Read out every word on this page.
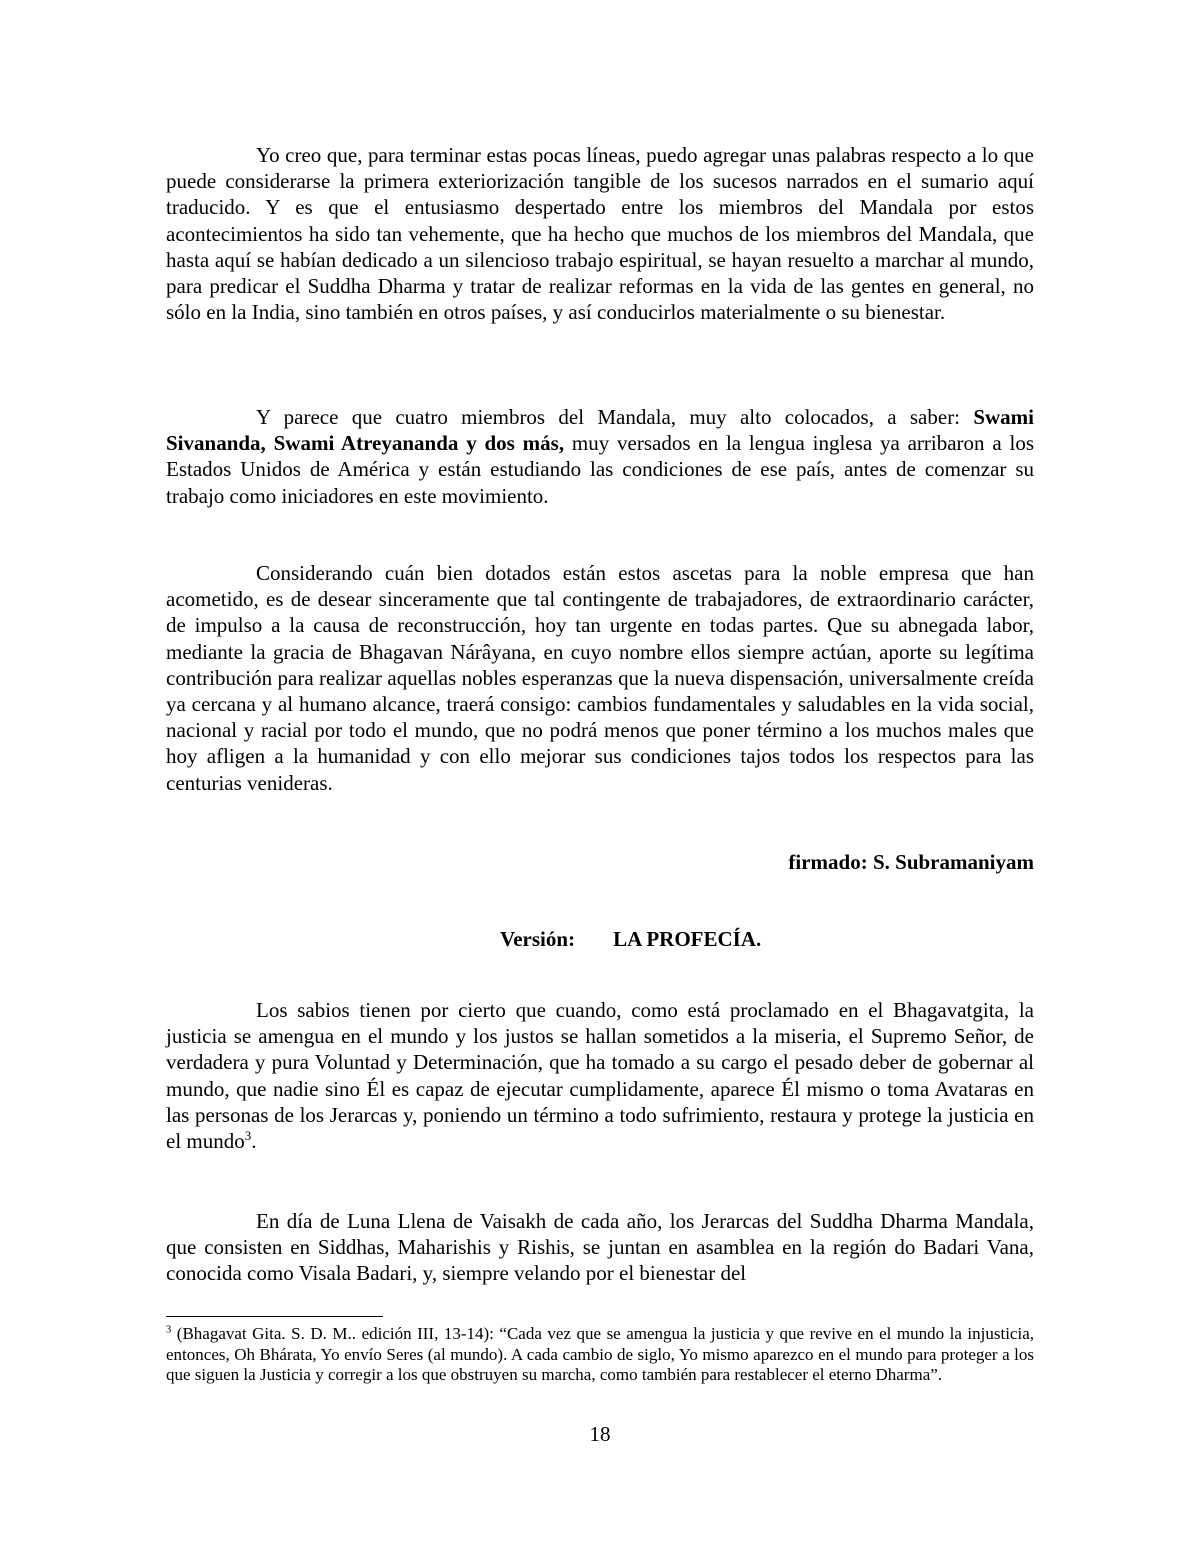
Yo creo que, para terminar estas pocas líneas, puedo agregar unas palabras respecto a lo que puede considerarse la primera exteriorización tangible de los sucesos narrados en el sumario aquí traducido. Y es que el entusiasmo despertado entre los miembros del Mandala por estos acontecimientos ha sido tan vehemente, que ha hecho que muchos de los miembros del Mandala, que hasta aquí se habían dedicado a un silencioso trabajo espiritual, se hayan resuelto a marchar al mundo, para predicar el Suddha Dharma y tratar de realizar reformas en la vida de las gentes en general, no sólo en la India, sino también en otros países, y así conducirlos materialmente o su bienestar.

Y parece que cuatro miembros del Mandala, muy alto colocados, a saber: Swami Sivananda, Swami Atreyananda y dos más, muy versados en la lengua inglesa ya arribaron a los Estados Unidos de América y están estudiando las condiciones de ese país, antes de comenzar su trabajo como iniciadores en este movimiento.

Considerando cuán bien dotados están estos ascetas para la noble empresa que han acometido, es de desear sinceramente que tal contingente de trabajadores, de extraordinario carácter, de impulso a la causa de reconstrucción, hoy tan urgente en todas partes. Que su abnegada labor, mediante la gracia de Bhagavan Nárâyana, en cuyo nombre ellos siempre actúan, aporte su legítima contribución para realizar aquellas nobles esperanzas que la nueva dispensación, universalmente creída ya cercana y al humano alcance, traerá consigo: cambios fundamentales y saludables en la vida social, nacional y racial por todo el mundo, que no podrá menos que poner término a los muchos males que hoy afligen a la humanidad y con ello mejorar sus condiciones tajos todos los respectos para las centurias venideras.

firmado: S. Subramaniyam
Versión: LA PROFECÍA.

Los sabios tienen por cierto que cuando, como está proclamado en el Bhagavatgita, la justicia se amengua en el mundo y los justos se hallan sometidos a la miseria, el Supremo Señor, de verdadera y pura Voluntad y Determinación, que ha tomado a su cargo el pesado deber de gobernar al mundo, que nadie sino Él es capaz de ejecutar cumplidamente, aparece Él mismo o toma Avataras en las personas de los Jerarcas y, poniendo un término a todo sufrimiento, restaura y protege la justicia en el mundo$^3$.

En día de Luna Llena de Vaisakh de cada año, los Jerarcas del Suddha Dharma Mandala, que consisten en Siddhas, Maharishis y Rishis, se juntan en asamblea en la región do Badari Vana, conocida como Visala Badari, y, siempre velando por el bienestar del

$^3$ (Bhagavat Gita. S. D. M.. edición III, 13-14): “Cada vez que se amengua la justicia y que revive en el mundo la injusticia, entonces, Oh Bhárata, Yo envío Seres (al mundo). A cada cambio de siglo, Yo mismo aparezco en el mundo para proteger a los que siguen la Justicia y corregir a los que obstruyen su marcha, como también para restablecer el eterno Dharma”.

18
